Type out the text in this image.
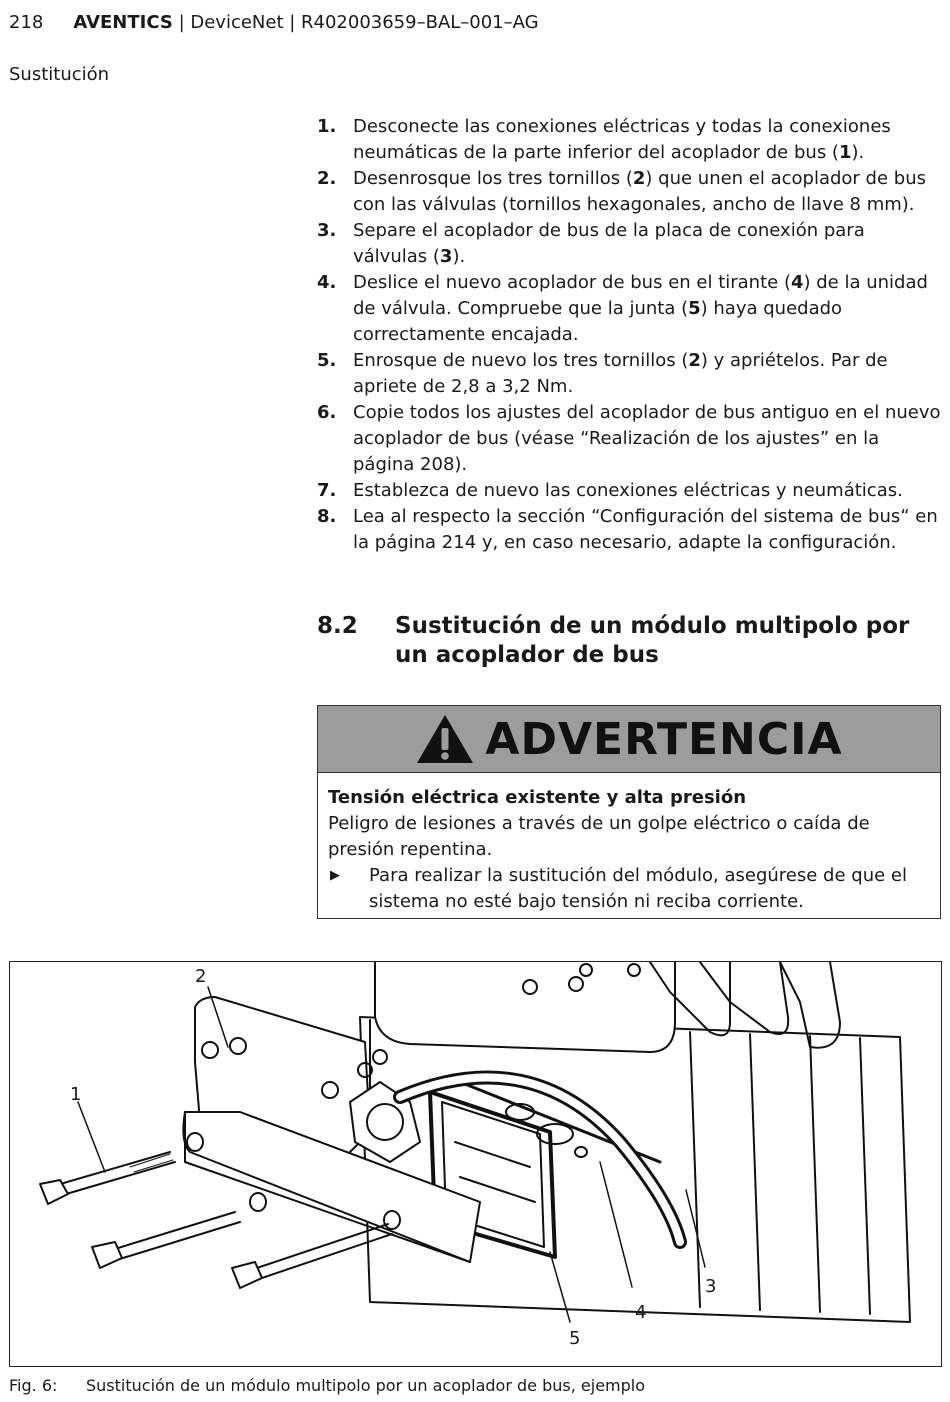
218 AVENTICS | DeviceNet | R402003659–BAL–001–AG
Sustitución
1. Desconecte las conexiones eléctricas y todas la conexiones neumáticas de la parte inferior del acoplador de bus (1).
2. Desenrosque los tres tornillos (2) que unen el acoplador de bus con las válvulas (tornillos hexagonales, ancho de llave 8 mm).
3. Separe el acoplador de bus de la placa de conexión para válvulas (3).
4. Deslice el nuevo acoplador de bus en el tirante (4) de la unidad de válvula. Compruebe que la junta (5) haya quedado correctamente encajada.
5. Enrosque de nuevo los tres tornillos (2) y apriételos. Par de apriete de 2,8 a 3,2 Nm.
6. Copie todos los ajustes del acoplador de bus antiguo en el nuevo acoplador de bus (véase “Realización de los ajustes” en la página 208).
7. Establezca de nuevo las conexiones eléctricas y neumáticas.
8. Lea al respecto la sección “Configuración del sistema de bus“ en la página 214 y, en caso necesario, adapte la configuración.
8.2 Sustitución de un módulo multipolo por un acoplador de bus
ADVERTENCIA
Tensión eléctrica existente y alta presión
Peligro de lesiones a través de un golpe eléctrico o caída de presión repentina.
▶ Para realizar la sustitución del módulo, asegúrese de que el sistema no esté bajo tensión ni reciba corriente.
1
2
3
4
5
Fig. 6: Sustitución de un módulo multipolo por un acoplador de bus, ejemplo
